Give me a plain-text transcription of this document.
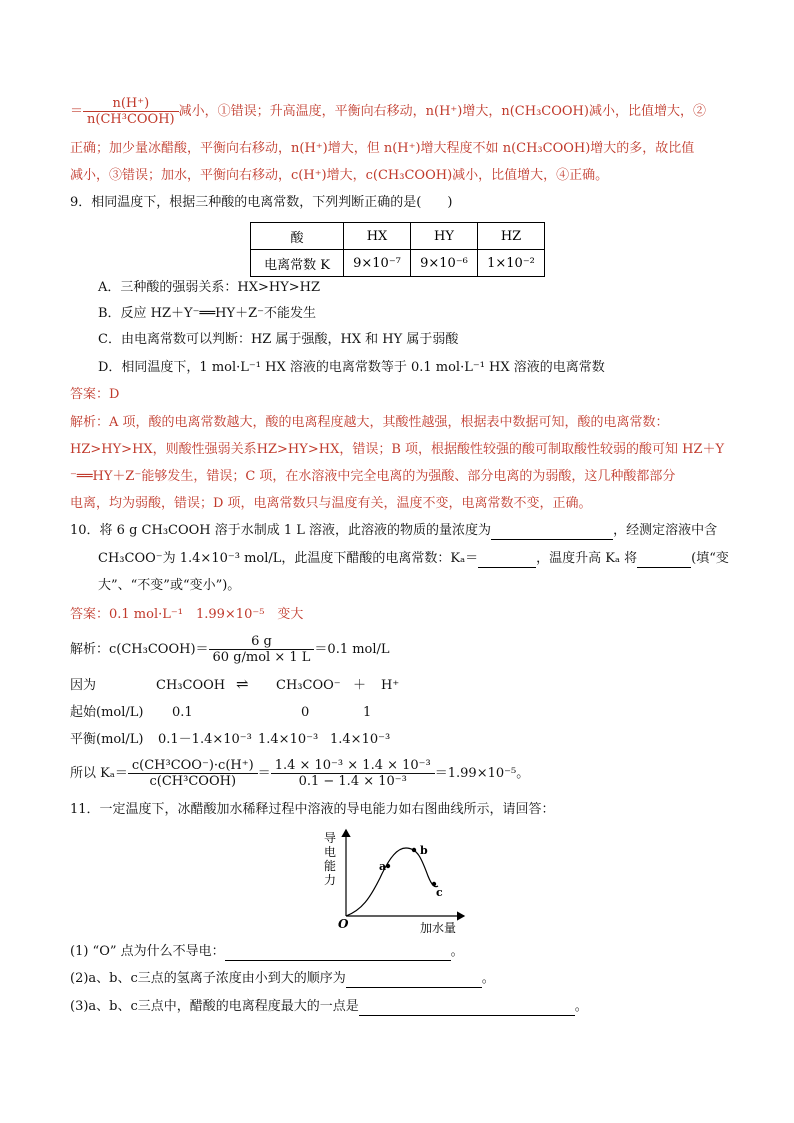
＝ $\frac{n(H^+)}{\text{n(CH³COOH)}}$ 减小，①错误；升高温度，平衡向右移动，n(H⁺)增大，n(CH₃COOH)减小，比值增大，②
正确；加少量冰醋酸，平衡向右移动，n(H⁺)增大，但 n(H⁺)增大程度不如 n(CH₃COOH)增大的多，故比值
减小，③错误；加水，平衡向右移动，c(H⁺)增大，c(CH₃COOH)减小，比值增大，④正确。
9．相同温度下，根据三种酸的电离常数，下列判断正确的是(　　)
酸	HX	HY	HZ
电离常数 K	9×10⁻⁷	9×10⁻⁶	1×10⁻²
A．三种酸的强弱关系：HX>HY>HZ
B．反应 HZ＋Y⁻══HY＋Z⁻不能发生
C．由电离常数可以判断：HZ 属于强酸，HX 和 HY 属于弱酸
D．相同温度下，1 mol·L⁻¹ HX 溶液的电离常数等于 0.1 mol·L⁻¹ HX 溶液的电离常数
答案：D
解析：A 项，酸的电离常数越大，酸的电离程度越大，其酸性越强，根据表中数据可知，酸的电离常数：
HZ>HY>HX，则酸性强弱关系HZ>HY>HX，错误；B 项，根据酸性较强的酸可制取酸性较弱的酸可知 HZ＋Y
⁻══HY＋Z⁻能够发生，错误；C 项，在水溶液中完全电离的为强酸、部分电离的为弱酸，这几种酸都部分
电离，均为弱酸，错误；D 项，电离常数只与温度有关，温度不变，电离常数不变，正确。
10．将 6 g CH₃COOH 溶于水制成 1 L 溶液，此溶液的物质的量浓度为	，经测定溶液中含
CH₃COO⁻为 1.4×10⁻³ mol/L，此温度下醋酸的电离常数：Kₐ＝	，温度升高 Kₐ 将	(填“变
大”、“不变”或“变小”)。
答案：0.1 mol·L⁻¹　1.99×10⁻⁵　变大
解析：c(CH₃COOH)＝ $\frac{6 g}{\text{60 g/mol × 1 L}} =0.1$ mol/L
因为	CH₃COOH ⇌ CH₃COO⁻ ＋ H⁺
起始(mol/L) 0.1	0	1
平衡(mol/L) 0.1－1.4×10⁻³ 1.4×10⁻³ 1.4×10⁻³
所以 $K_a= \frac{\text{c(CH³COO⁻)·c(H⁺)}}{\text{c(CH³COOH)}} = \frac{\text{1.4 × 10⁻³ × 1.4 × 10⁻³}}{\text{0.1 − 1.4 × 10⁻³}} =1.99\times 10^{-5}$。
11．一定温度下，冰醋酸加水稀释过程中溶液的导电能力如右图曲线所示，请回答：
a
b
c
O
导
电
能
力
加水量
(1) “O” 点为什么不导电：	。
(2)a、b、c三点的氢离子浓度由小到大的顺序为	。
(3)a、b、c三点中，醋酸的电离程度最大的一点是	。
